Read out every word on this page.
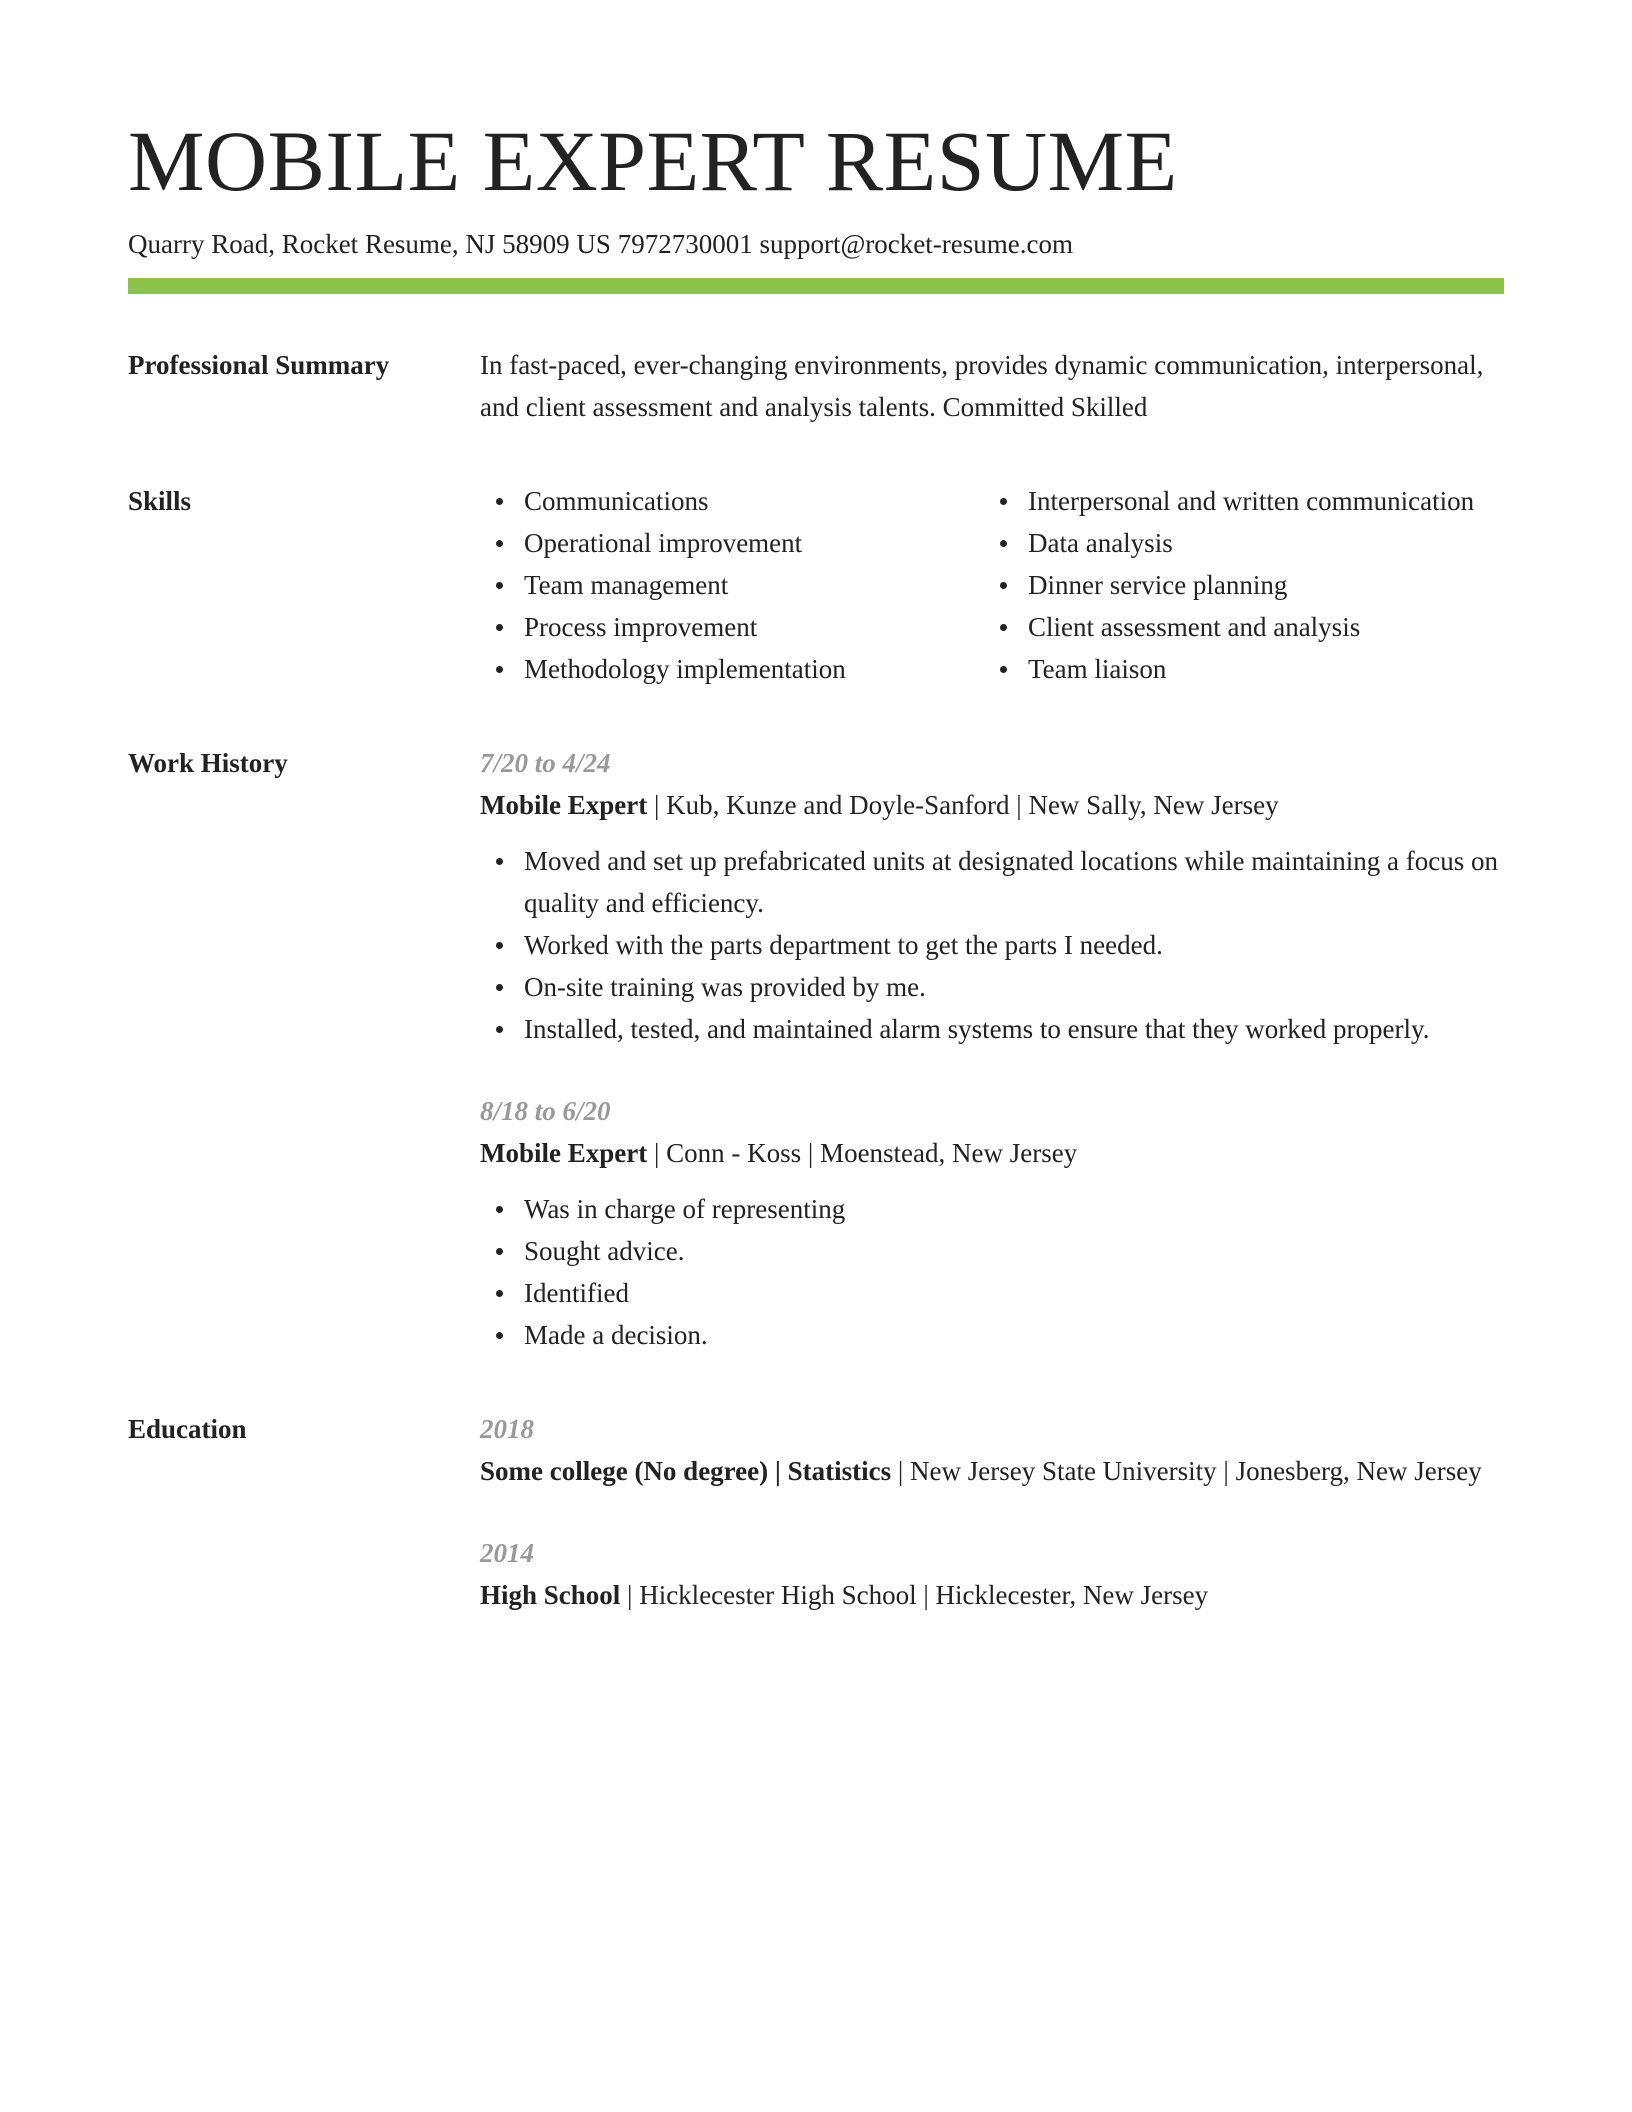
MOBILE EXPERT RESUME
Quarry Road, Rocket Resume, NJ 58909 US 7972730001 support@rocket-resume.com
Professional Summary	In fast-paced, ever-changing environments, provides dynamic communication, interpersonal, and client assessment and analysis talents. Committed Skilled
Skills	Communications
Operational improvement
Team management
Process improvement
Methodology implementation
Interpersonal and written communication
Data analysis
Dinner service planning
Client assessment and analysis
Team liaison
Work History	7/20 to 4/24
Mobile Expert | Kub, Kunze and Doyle-Sanford | New Sally, New Jersey
Moved and set up prefabricated units at designated locations while maintaining a focus on quality and efficiency.
Worked with the parts department to get the parts I needed.
On-site training was provided by me.
Installed, tested, and maintained alarm systems to ensure that they worked properly.
8/18 to 6/20
Mobile Expert | Conn - Koss | Moenstead, New Jersey
Was in charge of representing
Sought advice.
Identified
Made a decision.
Education	2018
Some college (No degree) | Statistics | New Jersey State University | Jonesberg, New Jersey
2014
High School | Hicklecester High School | Hicklecester, New Jersey
